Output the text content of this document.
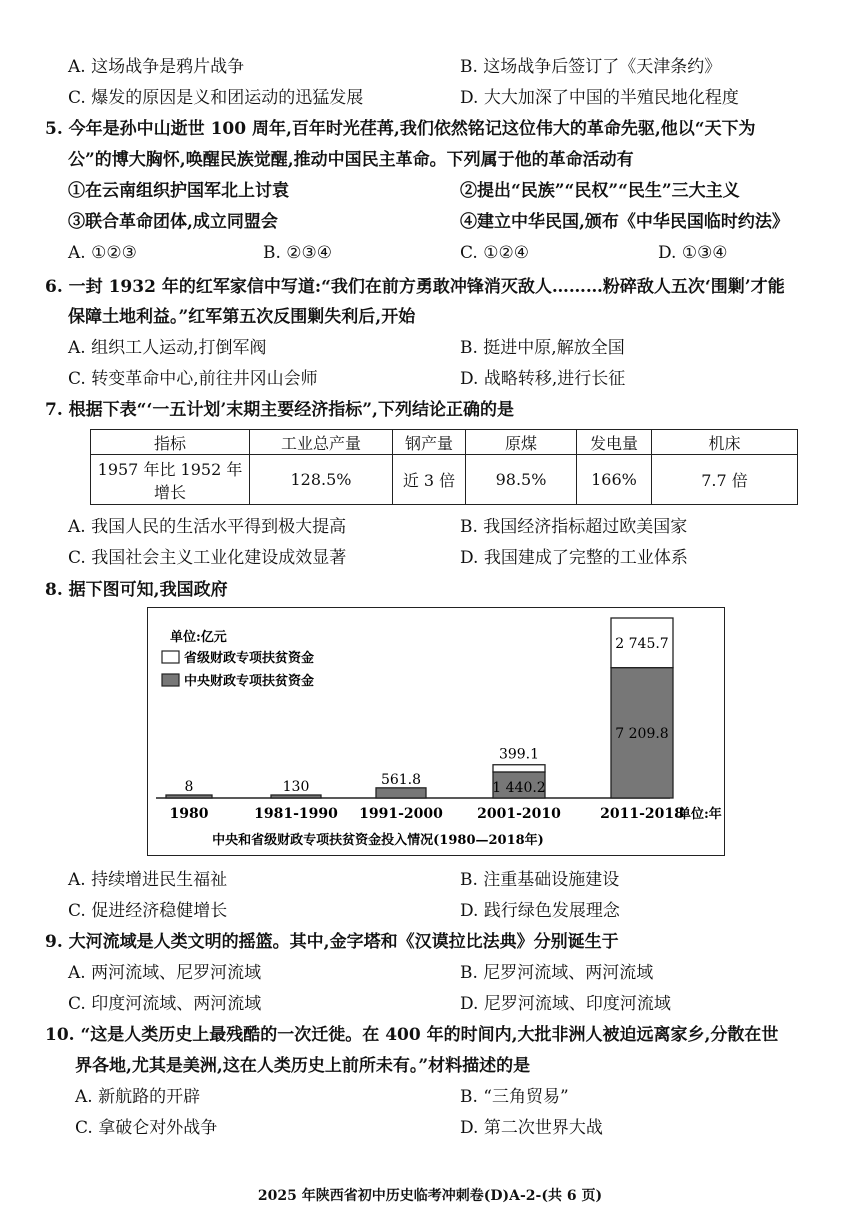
A. 这场战争是鸦片战争	B. 这场战争后签订了《天津条约》
C. 爆发的原因是义和团运动的迅猛发展	D. 大大加深了中国的半殖民地化程度
5. 今年是孙中山逝世 100 周年,百年时光荏苒,我们依然铭记这位伟大的革命先驱,他以“天下为
公”的博大胸怀,唤醒民族觉醒,推动中国民主革命。下列属于他的革命活动有
①在云南组织护国军北上讨袁	②提出“民族”“民权”“民生”三大主义
③联合革命团体,成立同盟会	④建立中华民国,颁布《中华民国临时约法》
A. ①②③	B. ②③④	C. ①②④	D. ①③④
6. 一封 1932 年的红军家信中写道:“我们在前方勇敢冲锋消灭敌人………粉碎敌人五次‘围剿’才能
保障土地利益。”红军第五次反围剿失利后,开始
A. 组织工人运动,打倒军阀	B. 挺进中原,解放全国
C. 转变革命中心,前往井冈山会师	D. 战略转移,进行长征
7. 根据下表“‘一五计划’末期主要经济指标”,下列结论正确的是
指标	工业总产量	钢产量	原煤	发电量	机床
1957 年比 1952 年增长	128.5%	近 3 倍	98.5%	166%	7.7 倍
A. 我国人民的生活水平得到极大提高	B. 我国经济指标超过欧美国家
C. 我国社会主义工业化建设成效显著	D. 我国建成了完整的工业体系
8. 据下图可知,我国政府
单位:亿元
省级财政专项扶贫资金
中央财政专项扶贫资金
8
1980
130
1981-1990
561.8
1991-2000
1 440.2
399.1
2001-2010
7 209.8
2 745.7
2011-2018
单位:年
中央和省级财政专项扶贫资金投入情况(1980—2018年)
A. 持续增进民生福祉	B. 注重基础设施建设
C. 促进经济稳健增长	D. 践行绿色发展理念
9. 大河流域是人类文明的摇篮。其中,金字塔和《汉谟拉比法典》分别诞生于
A. 两河流域、尼罗河流域	B. 尼罗河流域、两河流域
C. 印度河流域、两河流域	D. 尼罗河流域、印度河流域
10. “这是人类历史上最残酷的一次迁徙。在 400 年的时间内,大批非洲人被迫远离家乡,分散在世
界各地,尤其是美洲,这在人类历史上前所未有。”材料描述的是
A. 新航路的开辟	B. “三角贸易”
C. 拿破仑对外战争	D. 第二次世界大战
2025 年陕西省初中历史临考冲刺卷(D)A-2-(共 6 页)
